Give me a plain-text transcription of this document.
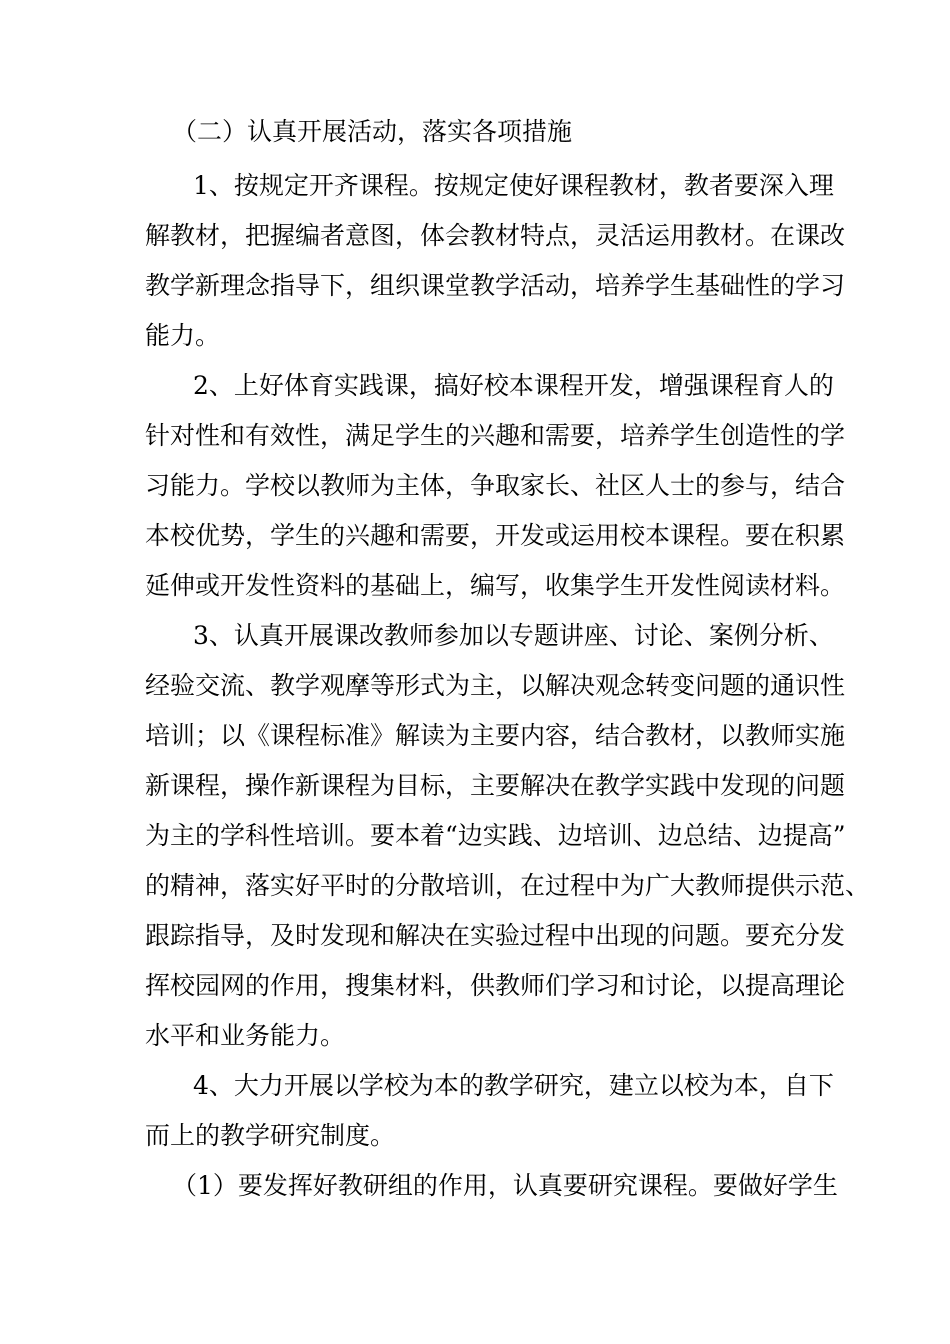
（二）认真开展活动，落实各项措施
1、按规定开齐课程。按规定使好课程教材，教者要深入理
解教材，把握编者意图，体会教材特点，灵活运用教材。在课改
教学新理念指导下，组织课堂教学活动，培养学生基础性的学习
能力。
2、上好体育实践课，搞好校本课程开发，增强课程育人的
针对性和有效性，满足学生的兴趣和需要，培养学生创造性的学
习能力。学校以教师为主体，争取家长、社区人士的参与，结合
本校优势，学生的兴趣和需要，开发或运用校本课程。要在积累
延伸或开发性资料的基础上，编写，收集学生开发性阅读材料。
3、认真开展课改教师参加以专题讲座、讨论、案例分析、
经验交流、教学观摩等形式为主，以解决观念转变问题的通识性
培训；以《课程标准》解读为主要内容，结合教材，以教师实施
新课程，操作新课程为目标，主要解决在教学实践中发现的问题
为主的学科性培训。要本着“边实践、边培训、边总结、边提高”
的精神，落实好平时的分散培训，在过程中为广大教师提供示范、
跟踪指导，及时发现和解决在实验过程中出现的问题。要充分发
挥校园网的作用，搜集材料，供教师们学习和讨论，以提高理论
水平和业务能力。
4、大力开展以学校为本的教学研究，建立以校为本，自下
而上的教学研究制度。
（1）要发挥好教研组的作用，认真要研究课程。要做好学生
